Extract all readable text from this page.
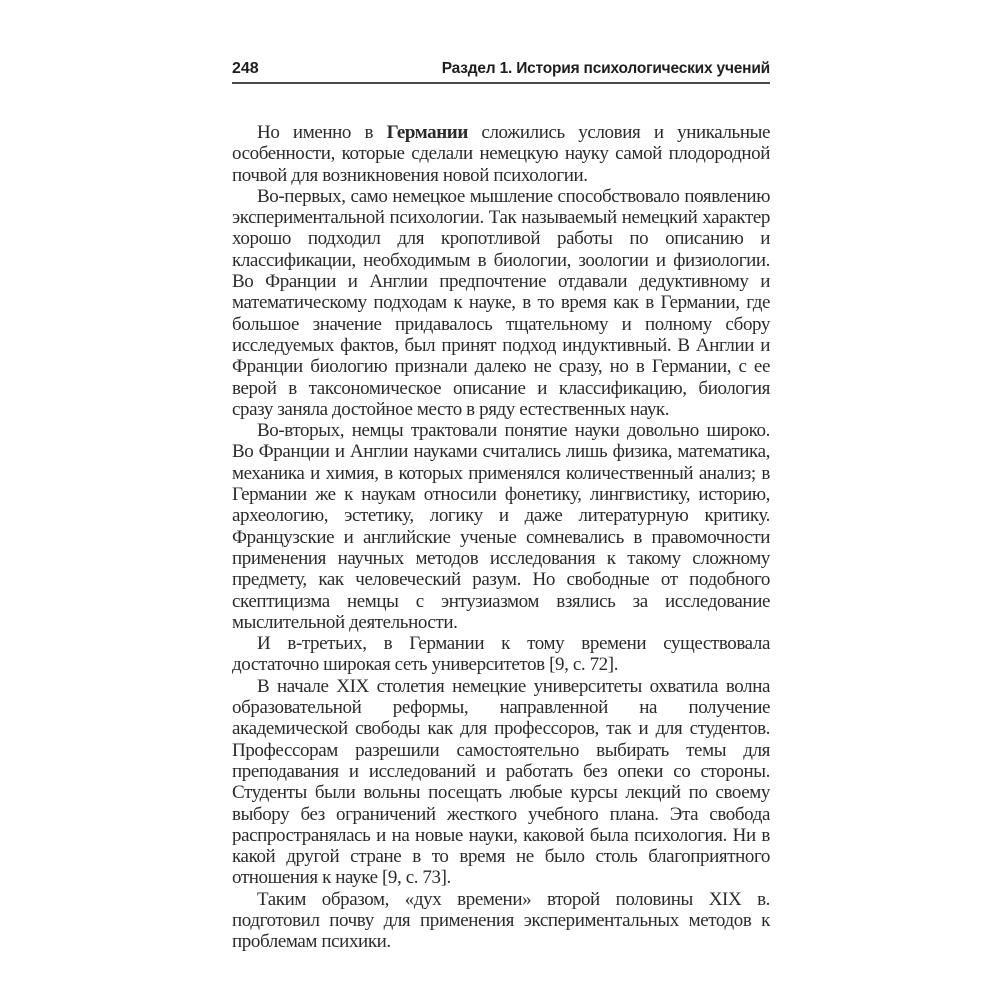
248	Раздел 1. История психологических учений

Но именно в Германии сложились условия и уникальные особенности, которые сделали немецкую науку самой плодородной почвой для возникновения новой психологии.

Во-первых, само немецкое мышление способствовало появлению экспериментальной психологии. Так называемый немецкий характер хорошо подходил для кропотливой работы по описанию и классификации, необходимым в биологии, зоологии и физиологии. Во Франции и Англии предпочтение отдавали дедуктивному и математическому подходам к науке, в то время как в Германии, где большое значение придавалось тщательному и полному сбору исследуемых фактов, был принят подход индуктивный. В Англии и Франции биологию признали далеко не сразу, но в Германии, с ее верой в таксономическое описание и классификацию, биология сразу заняла достойное место в ряду естественных наук.

Во-вторых, немцы трактовали понятие науки довольно широко. Во Франции и Англии науками считались лишь физика, математика, механика и химия, в которых применялся количественный анализ; в Германии же к наукам относили фонетику, лингвистику, историю, археологию, эстетику, логику и даже литературную критику. Французские и английские ученые сомневались в правомочности применения научных методов исследования к такому сложному предмету, как человеческий разум. Но свободные от подобного скептицизма немцы с энтузиазмом взялись за исследование мыслительной деятельности.

И в-третьих, в Германии к тому времени существовала достаточно широкая сеть университетов [9, с. 72].

В начале XIX столетия немецкие университеты охватила волна образовательной реформы, направленной на получение академической свободы как для профессоров, так и для студентов. Профессорам разрешили самостоятельно выбирать темы для преподавания и исследований и работать без опеки со стороны. Студенты были вольны посещать любые курсы лекций по своему выбору без ограничений жесткого учебного плана. Эта свобода распространялась и на новые науки, каковой была психология. Ни в какой другой стране в то время не было столь благоприятного отношения к науке [9, с. 73].

Таким образом, «дух времени» второй половины XIX в. подготовил почву для применения экспериментальных методов к проблемам психики.
